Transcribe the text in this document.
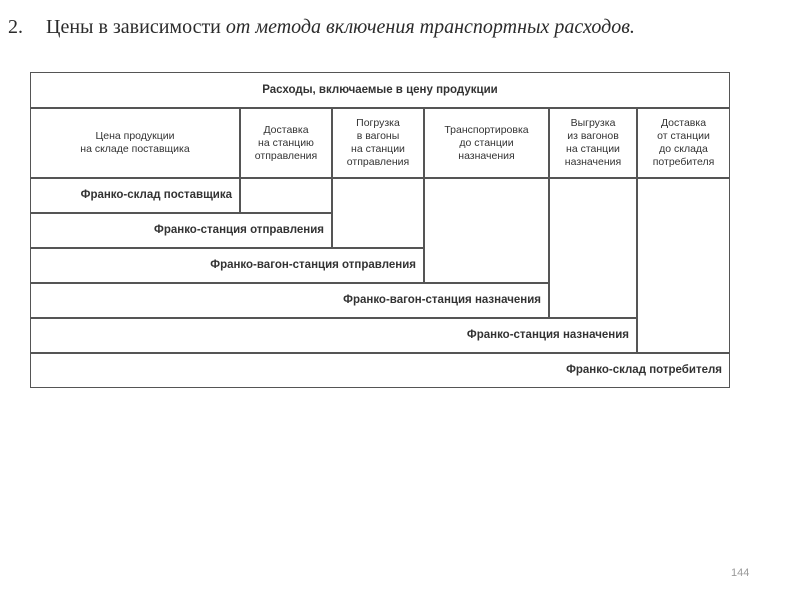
2. Цены в зависимости от метода включения транспортных расходов.
Расходы, включаемые в цену продукции
Цена продукции
на складе поставщика
Доставка
на станцию
отправления
Погрузка
в вагоны
на станции
отправления
Транспортировка
до станции
назначения
Выгрузка
из вагонов
на станции
назначения
Доставка
от станции
до склада
потребителя
Франко-склад поставщика
Франко-станция отправления
Франко-вагон-станция отправления
Франко-вагон-станция назначения
Франко-станция назначения
Франко-склад потребителя
144
